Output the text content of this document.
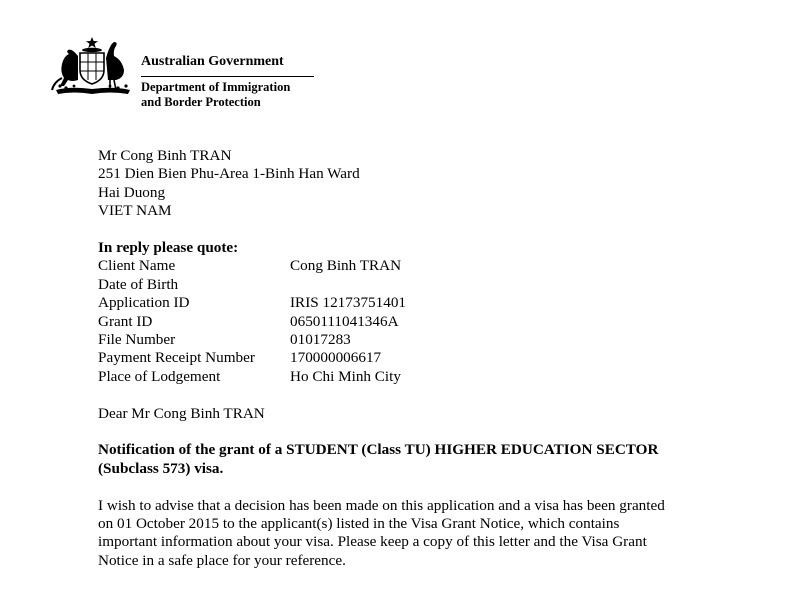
Australian Government
Department of Immigration
and Border Protection
Mr Cong Binh TRAN
251 Dien Bien Phu-Area 1-Binh Han Ward
Hai Duong
VIET NAM
In reply please quote:
Client Name	Cong Binh TRAN
Date of Birth
Application ID	IRIS 12173751401
Grant ID	0650111041346A
File Number	01017283
Payment Receipt Number	170000006617
Place of Lodgement	Ho Chi Minh City
Dear Mr Cong Binh TRAN
Notification of the grant of a STUDENT (Class TU) HIGHER EDUCATION SECTOR
(Subclass 573) visa.
I wish to advise that a decision has been made on this application and a visa has been granted
on 01 October 2015 to the applicant(s) listed in the Visa Grant Notice, which contains
important information about your visa. Please keep a copy of this letter and the Visa Grant
Notice in a safe place for your reference.
